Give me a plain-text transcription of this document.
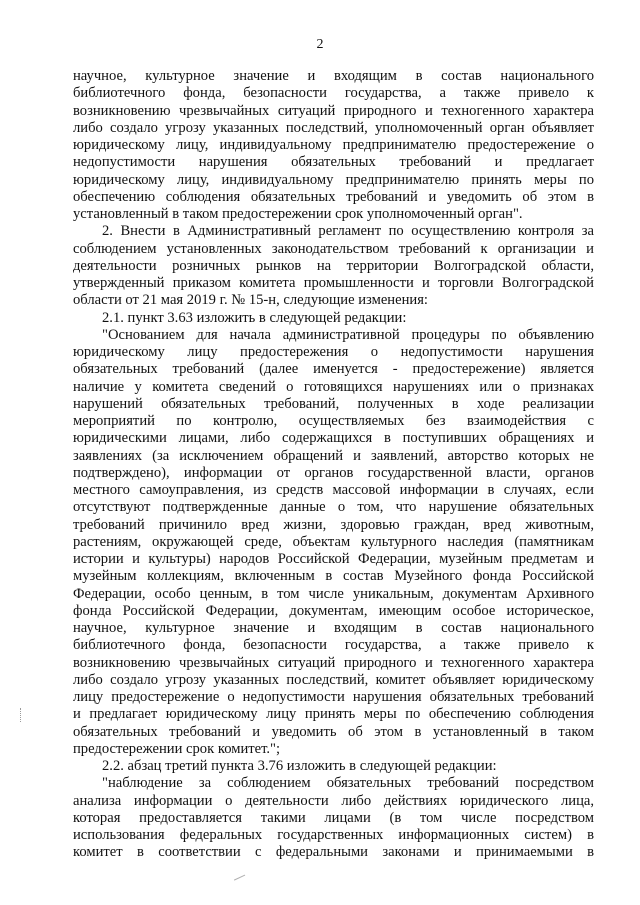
2
научное, культурное значение и входящим в состав национального
библиотечного фонда, безопасности государства, а также привело к
возникновению чрезвычайных ситуаций природного и техногенного характера
либо создало угрозу указанных последствий, уполномоченный орган объявляет
юридическому лицу, индивидуальному предпринимателю предостережение о
недопустимости нарушения обязательных требований и предлагает
юридическому лицу, индивидуальному предпринимателю принять меры по
обеспечению соблюдения обязательных требований и уведомить об этом в
установленный в таком предостережении срок уполномоченный орган".
2. Внести в Административный регламент по осуществлению контроля за
соблюдением установленных законодательством требований к организации и
деятельности розничных рынков на территории Волгоградской области,
утвержденный приказом комитета промышленности и торговли Волгоградской
области от 21 мая 2019 г. № 15-н, следующие изменения:
2.1. пункт 3.63 изложить в следующей редакции:
"Основанием для начала административной процедуры по объявлению
юридическому лицу предостережения о недопустимости нарушения
обязательных требований (далее именуется - предостережение) является
наличие у комитета сведений о готовящихся нарушениях или о признаках
нарушений обязательных требований, полученных в ходе реализации
мероприятий по контролю, осуществляемых без взаимодействия с
юридическими лицами, либо содержащихся в поступивших обращениях и
заявлениях (за исключением обращений и заявлений, авторство которых не
подтверждено), информации от органов государственной власти, органов
местного самоуправления, из средств массовой информации в случаях, если
отсутствуют подтвержденные данные о том, что нарушение обязательных
требований причинило вред жизни, здоровью граждан, вред животным,
растениям, окружающей среде, объектам культурного наследия (памятникам
истории и культуры) народов Российской Федерации, музейным предметам и
музейным коллекциям, включенным в состав Музейного фонда Российской
Федерации, особо ценным, в том числе уникальным, документам Архивного
фонда Российской Федерации, документам, имеющим особое историческое,
научное, культурное значение и входящим в состав национального
библиотечного фонда, безопасности государства, а также привело к
возникновению чрезвычайных ситуаций природного и техногенного характера
либо создало угрозу указанных последствий, комитет объявляет юридическому
лицу предостережение о недопустимости нарушения обязательных требований
и предлагает юридическому лицу принять меры по обеспечению соблюдения
обязательных требований и уведомить об этом в установленный в таком
предостережении срок комитет.";
2.2. абзац третий пункта 3.76 изложить в следующей редакции:
"наблюдение за соблюдением обязательных требований посредством
анализа информации о деятельности либо действиях юридического лица,
которая предоставляется такими лицами (в том числе посредством
использования федеральных государственных информационных систем) в
комитет в соответствии с федеральными законами и принимаемыми в
